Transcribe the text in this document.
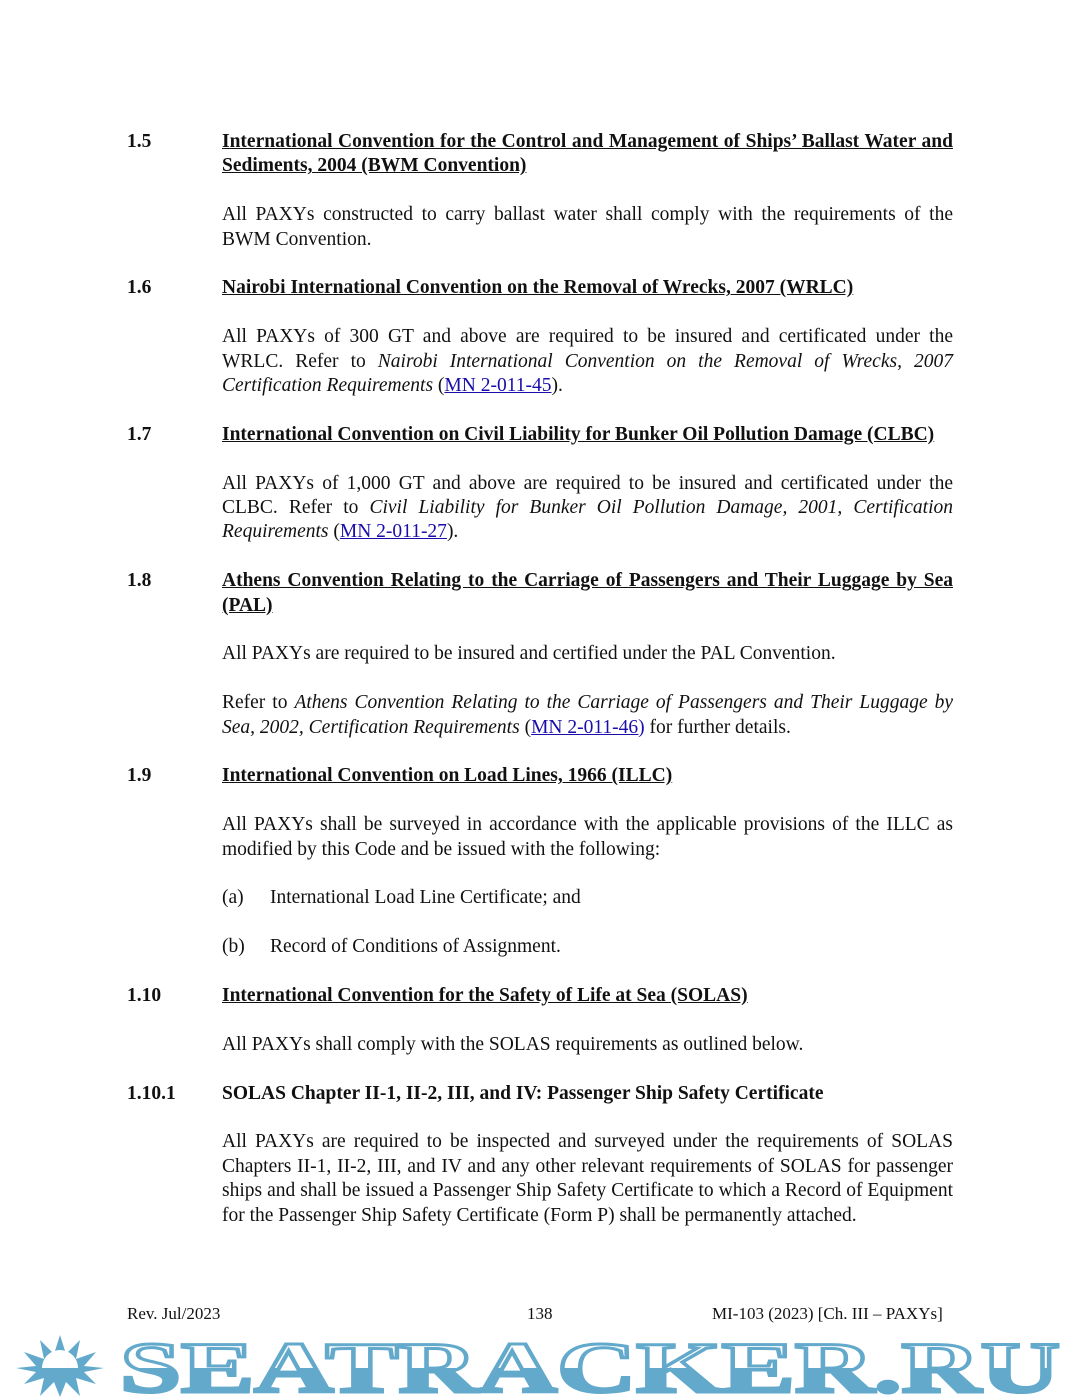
1.5	International Convention for the Control and Management of Ships’ Ballast Water and Sediments, 2004 (BWM Convention)
All PAXYs constructed to carry ballast water shall comply with the requirements of the BWM Convention.
1.6	Nairobi International Convention on the Removal of Wrecks, 2007 (WRLC)
All PAXYs of 300 GT and above are required to be insured and certificated under the WRLC. Refer to Nairobi International Convention on the Removal of Wrecks, 2007 Certification Requirements (MN 2-011-45).
1.7	International Convention on Civil Liability for Bunker Oil Pollution Damage (CLBC)
All PAXYs of 1,000 GT and above are required to be insured and certificated under the CLBC. Refer to Civil Liability for Bunker Oil Pollution Damage, 2001, Certification Requirements (MN 2-011-27).
1.8	Athens Convention Relating to the Carriage of Passengers and Their Luggage by Sea (PAL)
All PAXYs are required to be insured and certified under the PAL Convention.
Refer to Athens Convention Relating to the Carriage of Passengers and Their Luggage by Sea, 2002, Certification Requirements (MN 2-011-46) for further details.
1.9	International Convention on Load Lines, 1966 (ILLC)
All PAXYs shall be surveyed in accordance with the applicable provisions of the ILLC as modified by this Code and be issued with the following:
(a) International Load Line Certificate; and
(b) Record of Conditions of Assignment.
1.10	International Convention for the Safety of Life at Sea (SOLAS)
All PAXYs shall comply with the SOLAS requirements as outlined below.
1.10.1	SOLAS Chapter II-1, II-2, III, and IV: Passenger Ship Safety Certificate
All PAXYs are required to be inspected and surveyed under the requirements of SOLAS Chapters II-1, II-2, III, and IV and any other relevant requirements of SOLAS for passenger ships and shall be issued a Passenger Ship Safety Certificate to which a Record of Equipment for the Passenger Ship Safety Certificate (Form P) shall be permanently attached.
Rev. Jul/2023	138	MI-103 (2023) [Ch. III – PAXYs]
SEATRACKER.RU
